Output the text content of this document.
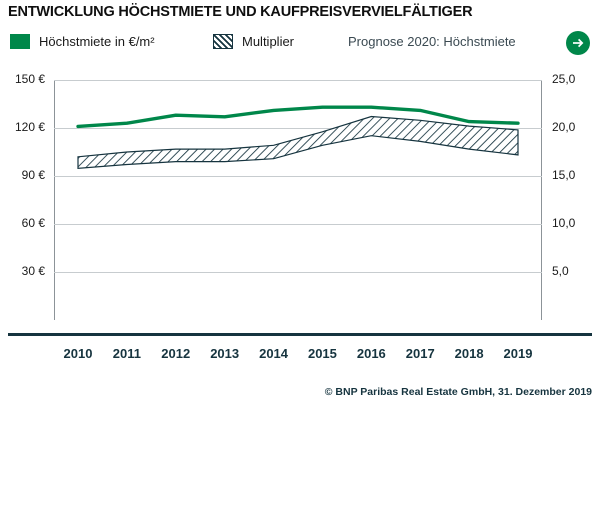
ENTWICKLUNG HÖCHSTMIETE UND KAUFPREISVERVIELFÄLTIGER
Höchstmiete in €/m²	Multiplier	Prognose 2020: Höchstmiete
150 €
120 €
90 €
60 €
30 €
25,0
20,0
15,0
10,0
5,0
2010 2011 2012 2013 2014 2015 2016 2017 2018 2019
© BNP Paribas Real Estate GmbH, 31. Dezember 2019
